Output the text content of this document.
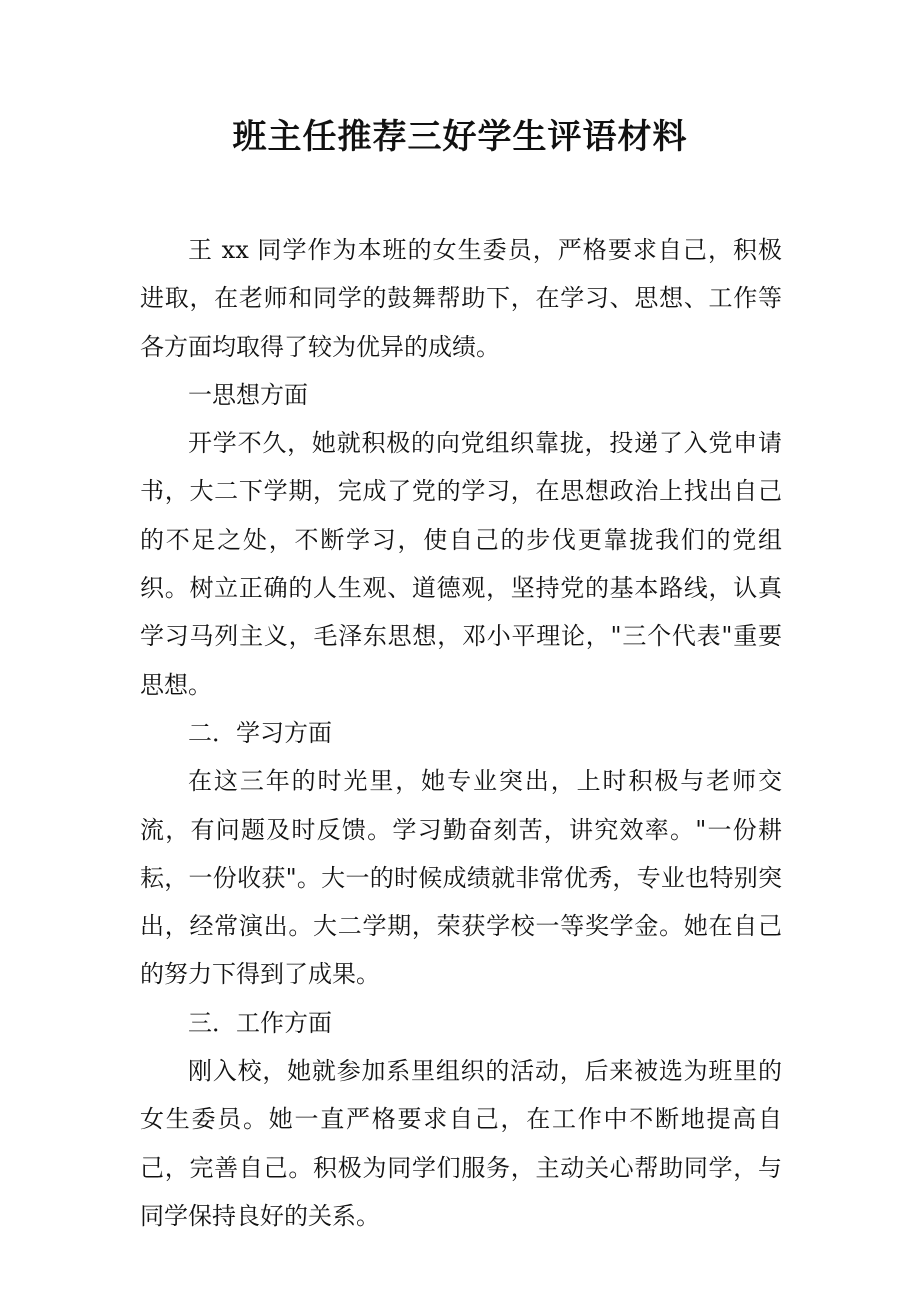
班主任推荐三好学生评语材料

王 xx 同学作为本班的女生委员，严格要求自己，积极进取，在老师和同学的鼓舞帮助下，在学习、思想、工作等各方面均取得了较为优异的成绩。

一思想方面

开学不久，她就积极的向党组织靠拢，投递了入党申请书，大二下学期，完成了党的学习，在思想政治上找出自己的不足之处，不断学习，使自己的步伐更靠拢我们的党组织。树立正确的人生观、道德观，坚持党的基本路线，认真学习马列主义，毛泽东思想，邓小平理论，"三个代表"重要思想。

二．学习方面

在这三年的时光里，她专业突出，上时积极与老师交流，有问题及时反馈。学习勤奋刻苦，讲究效率。"一份耕耘，一份收获"。大一的时候成绩就非常优秀，专业也特别突出，经常演出。大二学期，荣获学校一等奖学金。她在自己的努力下得到了成果。

三．工作方面

刚入校，她就参加系里组织的活动，后来被选为班里的女生委员。她一直严格要求自己，在工作中不断地提高自己，完善自己。积极为同学们服务，主动关心帮助同学，与同学保持良好的关系。
